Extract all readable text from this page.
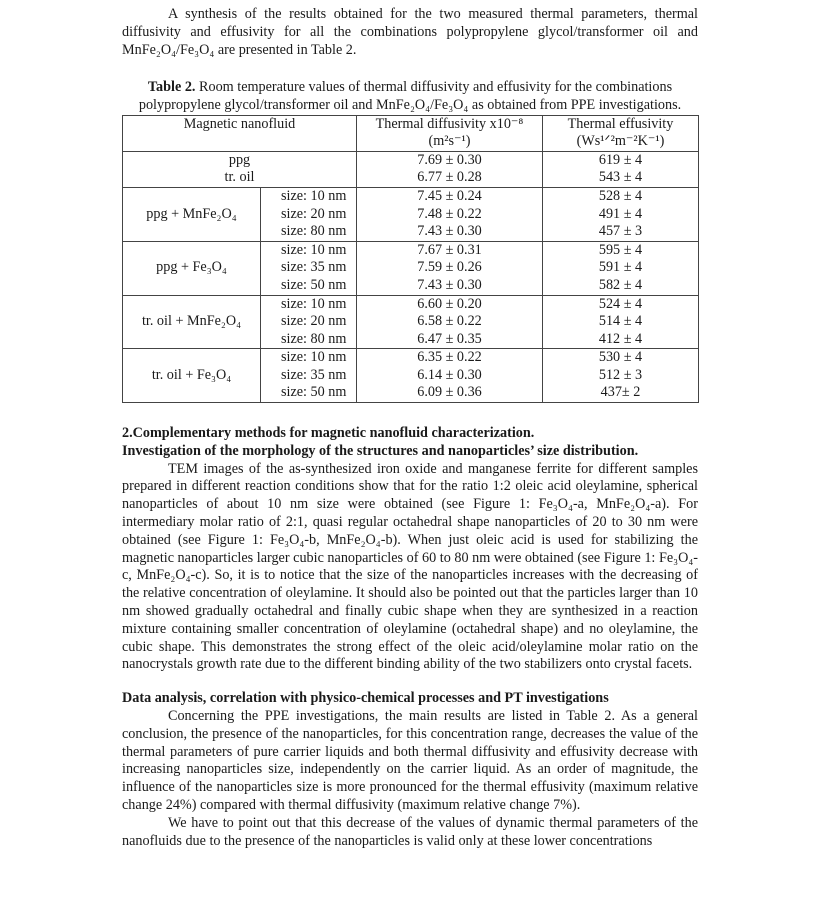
A synthesis of the results obtained for the two measured thermal parameters, thermal diffusivity and effusivity for all the combinations polypropylene glycol/transformer oil and MnFe₂O₄/Fe₃O₄ are presented in Table 2.

Table 2. Room temperature values of thermal diffusivity and effusivity for the combinations polypropylene glycol/transformer oil and MnFe₂O₄/Fe₃O₄ as obtained from PPE investigations.

Magnetic nanofluid		Thermal diffusivity x10⁻⁸ (m²s⁻¹)	Thermal effusivity (Ws¹ᐟ²m⁻²K⁻¹)
ppg		7.69 ± 0.30	619 ± 4
tr. oil		6.77 ± 0.28	543 ± 4
ppg + MnFe₂O₄	size: 10 nm	7.45 ± 0.24	528 ± 4
	size: 20 nm	7.48 ± 0.22	491 ± 4
	size: 80 nm	7.43 ± 0.30	457 ± 3
ppg + Fe₃O₄	size: 10 nm	7.67 ± 0.31	595 ± 4
	size: 35 nm	7.59 ± 0.26	591 ± 4
	size: 50 nm	7.43 ± 0.30	582 ± 4
tr. oil + MnFe₂O₄	size: 10 nm	6.60 ± 0.20	524 ± 4
	size: 20 nm	6.58 ± 0.22	514 ± 4
	size: 80 nm	6.47 ± 0.35	412 ± 4
tr. oil + Fe₃O₄	size: 10 nm	6.35 ± 0.22	530 ± 4
	size: 35 nm	6.14 ± 0.30	512 ± 3
	size: 50 nm	6.09 ± 0.36	437± 2

2.Complementary methods for magnetic nanofluid characterization.

Investigation of the morphology of the structures and nanoparticles’ size distribution.

TEM images of the as-synthesized iron oxide and manganese ferrite for different samples prepared in different reaction conditions show that for the ratio 1:2 oleic acid oleylamine, spherical nanoparticles of about 10 nm size were obtained (see Figure 1: Fe₃O₄-a, MnFe₂O₄-a). For intermediary molar ratio of 2:1, quasi regular octahedral shape nanoparticles of 20 to 30 nm were obtained (see Figure 1: Fe₃O₄-b, MnFe₂O₄-b). When just oleic acid is used for stabilizing the magnetic nanoparticles larger cubic nanoparticles of 60 to 80 nm were obtained (see Figure 1: Fe₃O₄-c, MnFe₂O₄-c). So, it is to notice that the size of the nanoparticles increases with the decreasing of the relative concentration of oleylamine. It should also be pointed out that the particles larger than 10 nm showed gradually octahedral and finally cubic shape when they are synthesized in a reaction mixture containing smaller concentration of oleylamine (octahedral shape) and no oleylamine, the cubic shape. This demonstrates the strong effect of the oleic acid/oleylamine molar ratio on the nanocrystals growth rate due to the different binding ability of the two stabilizers onto crystal facets.

Data analysis, correlation with physico-chemical processes and PT investigations

Concerning the PPE investigations, the main results are listed in Table 2. As a general conclusion, the presence of the nanoparticles, for this concentration range, decreases the value of the thermal parameters of pure carrier liquids and both thermal diffusivity and effusivity decrease with increasing nanoparticles size, independently on the carrier liquid. As an order of magnitude, the influence of the nanoparticles size is more pronounced for the thermal effusivity (maximum relative change 24%) compared with thermal diffusivity (maximum relative change 7%).

We have to point out that this decrease of the values of dynamic thermal parameters of the nanofluids due to the presence of the nanoparticles is valid only at these lower concentrations
